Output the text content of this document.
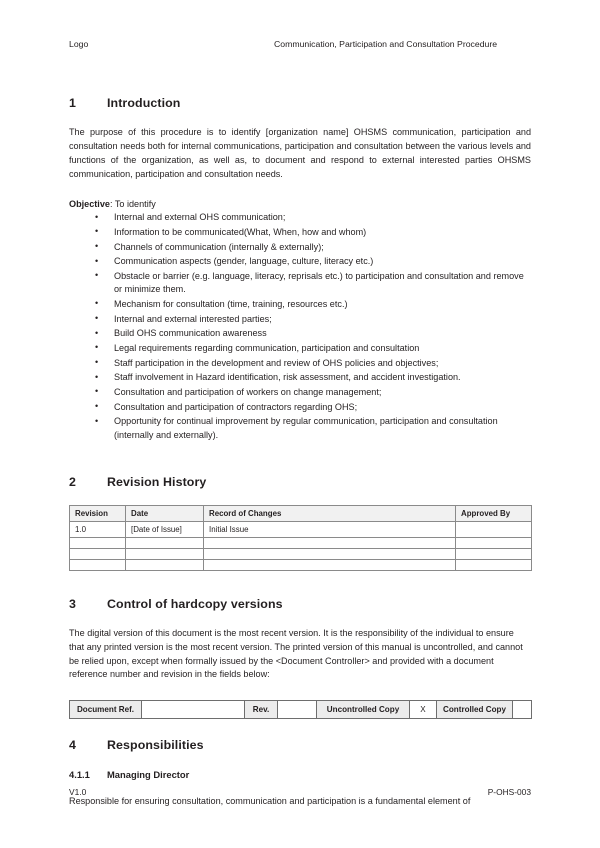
Logo	Communication, Participation and Consultation Procedure
1	Introduction

The purpose of this procedure is to identify [organization name] OHSMS communication, participation and consultation needs both for internal communications, participation and consultation between the various levels and functions of the organization, as well as, to document and respond to external interested parties OHSMS communication, participation and consultation needs.

Objective: To identify

• Internal and external OHS communication;
• Information to be communicated(What, When, how and whom)
• Channels of communication (internally & externally);
• Communication aspects (gender, language, culture, literacy etc.)
• Obstacle or barrier (e.g. language, literacy, reprisals etc.) to participation and consultation and remove or minimize them.
• Mechanism for consultation (time, training, resources etc.)
• Internal and external interested parties;
• Build OHS communication awareness
• Legal requirements regarding communication, participation and consultation
• Staff participation in the development and review of OHS policies and objectives;
• Staff involvement in Hazard identification, risk assessment, and accident investigation.
• Consultation and participation of workers on change management;
• Consultation and participation of contractors regarding OHS;
• Opportunity for continual improvement by regular communication, participation and consultation (internally and externally).
2	Revision History
Revision	Date	Record of Changes	Approved By
1.0	[Date of Issue]	Initial Issue	

3	Control of hardcopy versions

The digital version of this document is the most recent version. It is the responsibility of the individual to ensure that any printed version is the most recent version. The printed version of this manual is uncontrolled, and cannot be relied upon, except when formally issued by the <Document Controller> and provided with a document reference number and revision in the fields below:

Document Ref.		Rev.		Uncontrolled Copy	X	Controlled Copy	
4	Responsibilities
4.1.1	Managing Director

Responsible for ensuring consultation, communication and participation is a fundamental element of

V1.0	P-OHS-003
